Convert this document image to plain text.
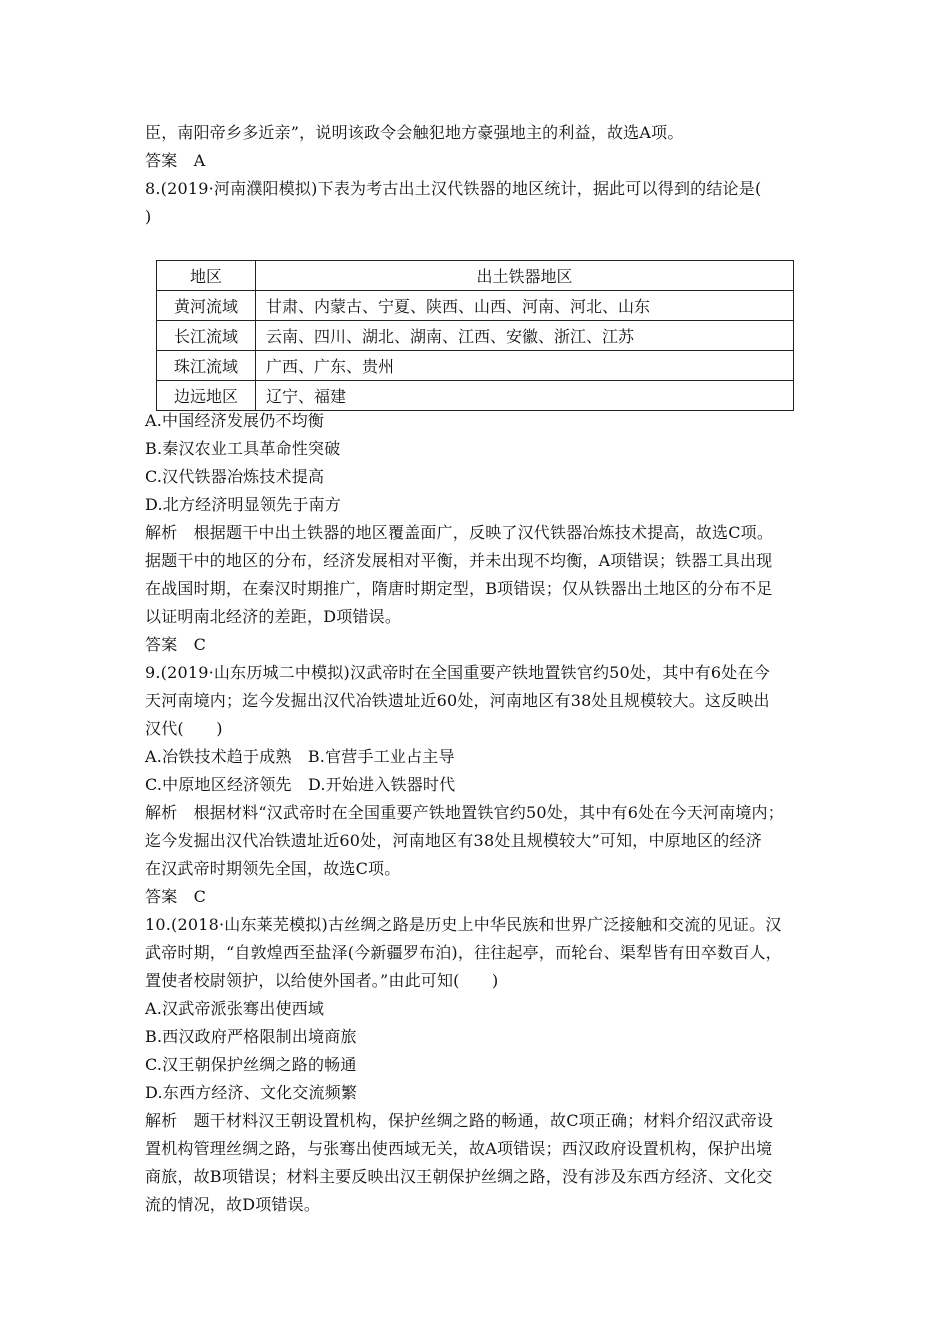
臣，南阳帝乡多近亲”，说明该政令会触犯地方豪强地主的利益，故选A项。
答案　A
8.(2019·河南濮阳模拟)下表为考古出土汉代铁器的地区统计，据此可以得到的结论是(
)
地区	出土铁器地区
黄河流域	甘肃、内蒙古、宁夏、陕西、山西、河南、河北、山东
长江流域	云南、四川、湖北、湖南、江西、安徽、浙江、江苏
珠江流域	广西、广东、贵州
边远地区	辽宁、福建
A.中国经济发展仍不均衡
B.秦汉农业工具革命性突破
C.汉代铁器冶炼技术提高
D.北方经济明显领先于南方
解析　根据题干中出土铁器的地区覆盖面广，反映了汉代铁器冶炼技术提高，故选C项。
据题干中的地区的分布，经济发展相对平衡，并未出现不均衡，A项错误；铁器工具出现
在战国时期，在秦汉时期推广，隋唐时期定型，B项错误；仅从铁器出土地区的分布不足
以证明南北经济的差距，D项错误。
答案　C
9.(2019·山东历城二中模拟)汉武帝时在全国重要产铁地置铁官约50处，其中有6处在今
天河南境内；迄今发掘出汉代冶铁遗址近60处，河南地区有38处且规模较大。这反映出
汉代(　　)
A.冶铁技术趋于成熟　B.官营手工业占主导
C.中原地区经济领先　D.开始进入铁器时代
解析　根据材料“汉武帝时在全国重要产铁地置铁官约50处，其中有6处在今天河南境内；
迄今发掘出汉代冶铁遗址近60处，河南地区有38处且规模较大”可知，中原地区的经济
在汉武帝时期领先全国，故选C项。
答案　C
10.(2018·山东莱芜模拟)古丝绸之路是历史上中华民族和世界广泛接触和交流的见证。汉
武帝时期，“自敦煌西至盐泽(今新疆罗布泊)，往往起亭，而轮台、渠犁皆有田卒数百人，
置使者校尉领护，以给使外国者。”由此可知(　　)
A.汉武帝派张骞出使西域
B.西汉政府严格限制出境商旅
C.汉王朝保护丝绸之路的畅通
D.东西方经济、文化交流频繁
解析　题干材料汉王朝设置机构，保护丝绸之路的畅通，故C项正确；材料介绍汉武帝设
置机构管理丝绸之路，与张骞出使西域无关，故A项错误；西汉政府设置机构，保护出境
商旅，故B项错误；材料主要反映出汉王朝保护丝绸之路，没有涉及东西方经济、文化交
流的情况，故D项错误。
